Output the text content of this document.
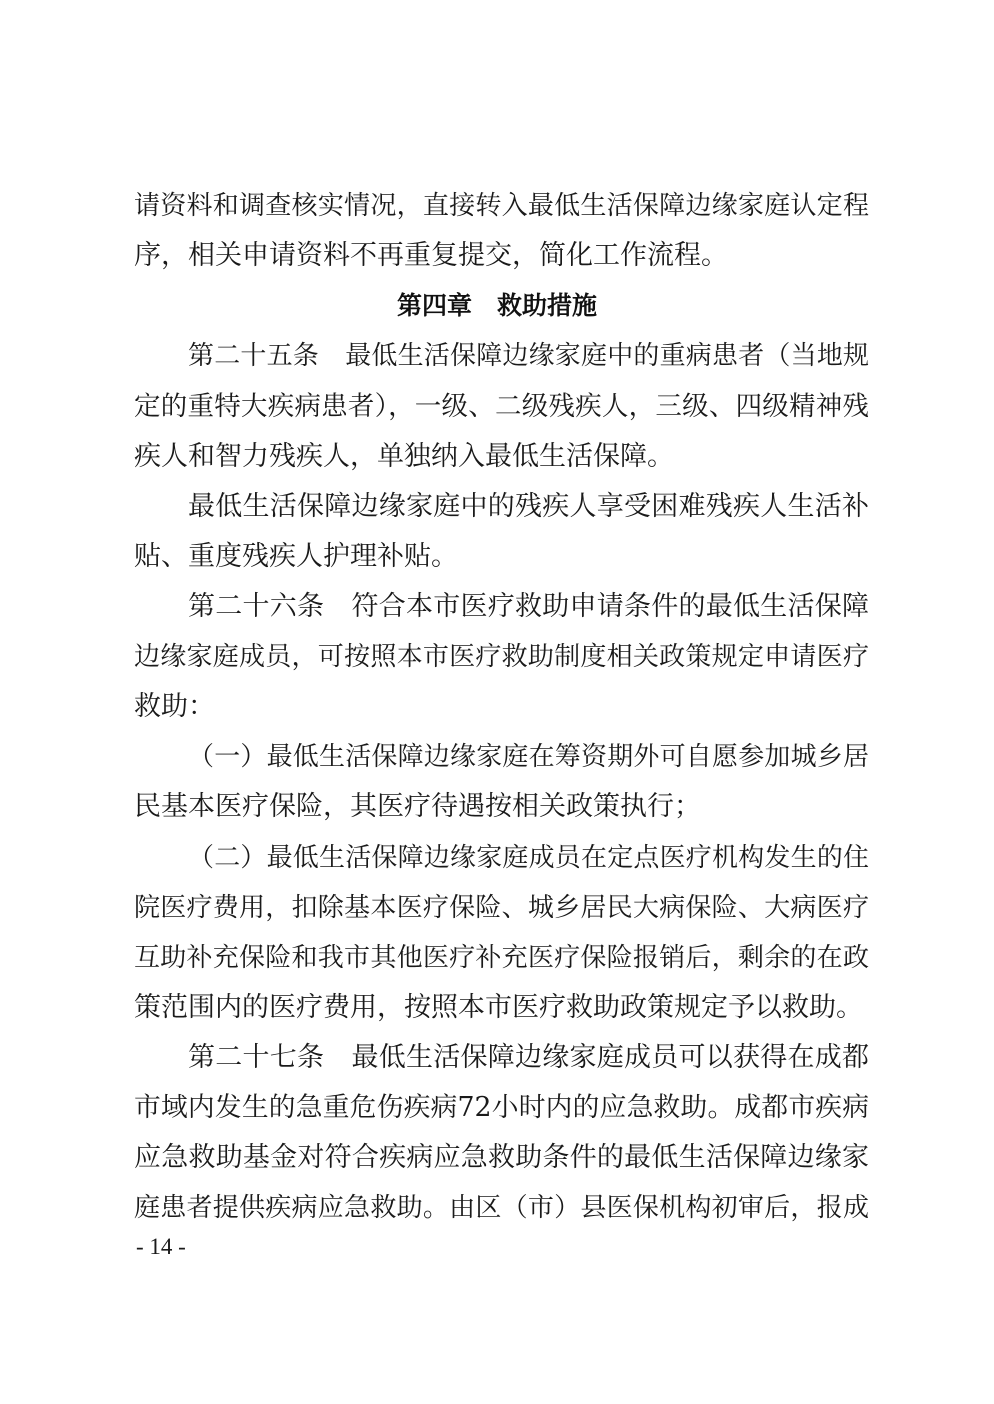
请资料和调查核实情况，直接转入最低生活保障边缘家庭认定程
序，相关申请资料不再重复提交，简化工作流程。
第四章　救助措施
第二十五条　最低生活保障边缘家庭中的重病患者（当地规
定的重特大疾病患者），一级、二级残疾人，三级、四级精神残
疾人和智力残疾人，单独纳入最低生活保障。
最低生活保障边缘家庭中的残疾人享受困难残疾人生活补
贴、重度残疾人护理补贴。
第二十六条　符合本市医疗救助申请条件的最低生活保障
边缘家庭成员，可按照本市医疗救助制度相关政策规定申请医疗
救助：
（一）最低生活保障边缘家庭在筹资期外可自愿参加城乡居
民基本医疗保险，其医疗待遇按相关政策执行；
（二）最低生活保障边缘家庭成员在定点医疗机构发生的住
院医疗费用，扣除基本医疗保险、城乡居民大病保险、大病医疗
互助补充保险和我市其他医疗补充医疗保险报销后，剩余的在政
策范围内的医疗费用，按照本市医疗救助政策规定予以救助。
第二十七条　最低生活保障边缘家庭成员可以获得在成都
市域内发生的急重危伤疾病72小时内的应急救助。成都市疾病
应急救助基金对符合疾病应急救助条件的最低生活保障边缘家
庭患者提供疾病应急救助。由区（市）县医保机构初审后，报成
- 14 -
